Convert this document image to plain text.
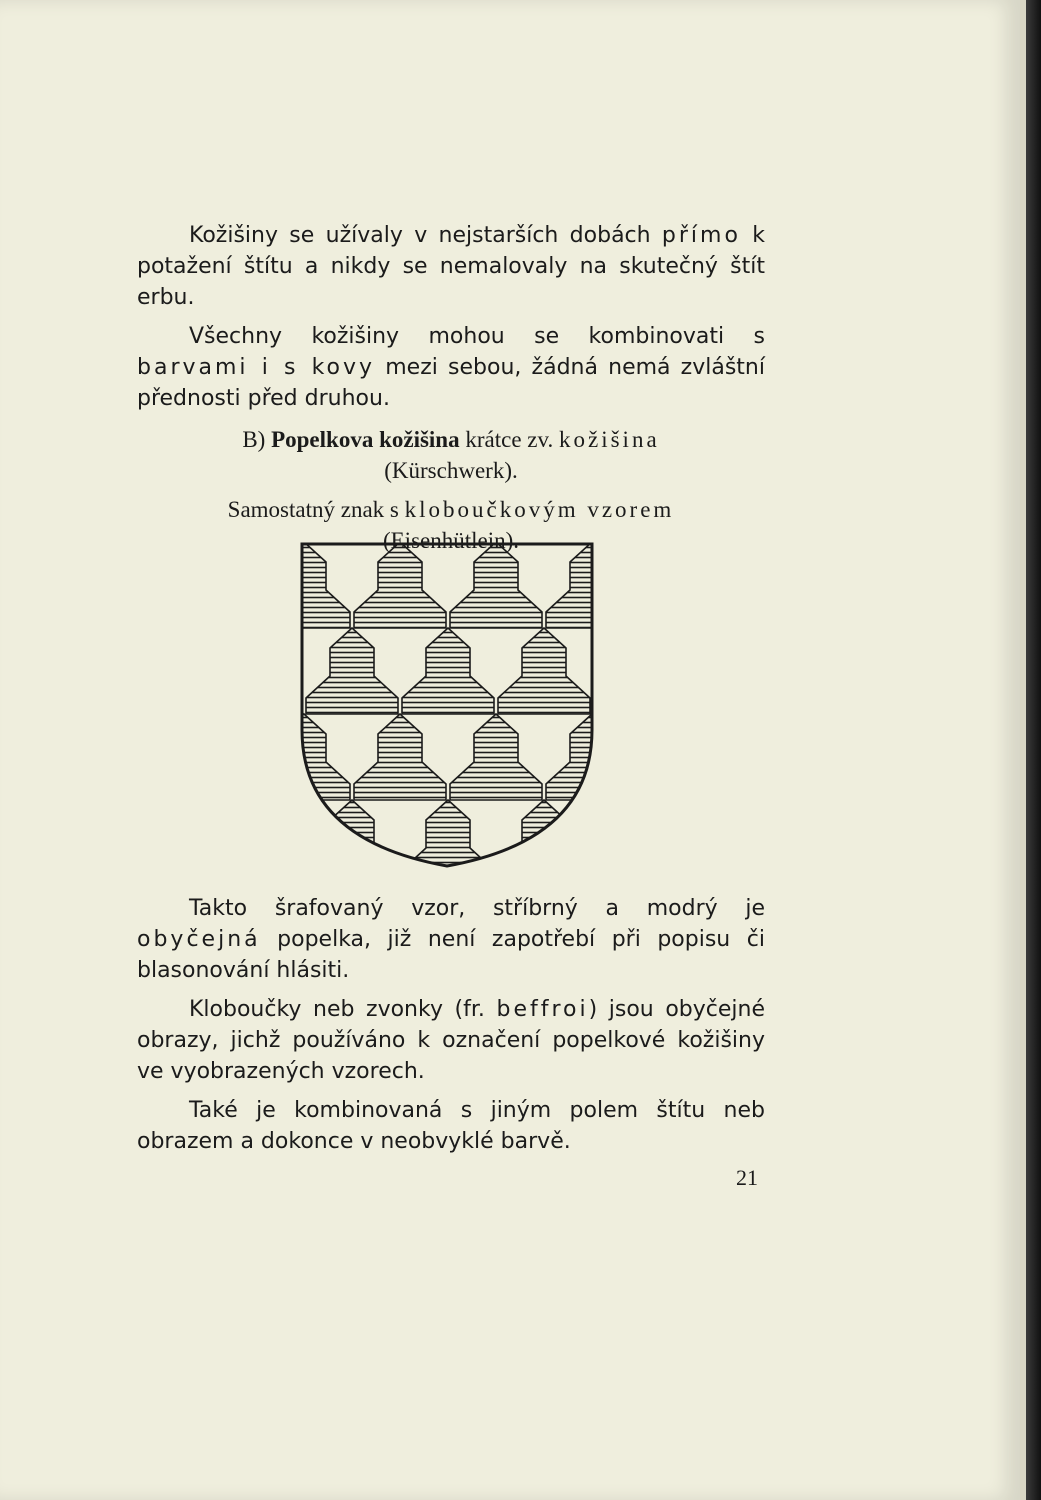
Kožišiny se užívaly v nejstarších dobách přímo k potažení štítu a nikdy se nemalovaly na skutečný štít erbu.

Všechny kožišiny mohou se kombinovati s barvami i s kovy mezi sebou, žádná nemá zvláštní přednosti před druhou.

B) Popelkova kožišina krátce zv. kožišina
(Kürschwerk).

Samostatný znak s kloboučkovým vzorem
(Eisenhütlein).

Takto šrafovaný vzor, stříbrný a modrý je obyčejná popelka, již není zapotřebí při popisu či blasonování hlásiti.

Kloboučky neb zvonky (fr. beffroi) jsou obyčejné obrazy, jichž používáno k označení popelkové kožišiny ve vyobrazených vzorech.

Také je kombinovaná s jiným polem štítu neb obrazem a dokonce v neobvyklé barvě.

21
